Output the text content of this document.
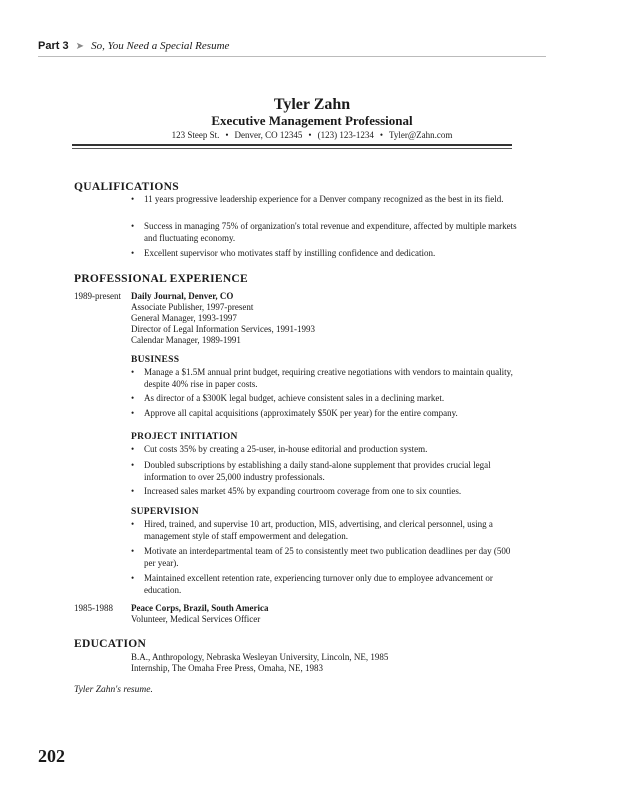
Part 3 ➤ So, You Need a Special Resume
Tyler Zahn
Executive Management Professional
123 Steep St. • Denver, CO 12345 • (123) 123-1234 • Tyler@Zahn.com
QUALIFICATIONS
• 11 years progressive leadership experience for a Denver company recognized as the best in its field.
• Success in managing 75% of organization's total revenue and expenditure, affected by multiple markets and fluctuating economy.
• Excellent supervisor who motivates staff by instilling confidence and dedication.
PROFESSIONAL EXPERIENCE
1989-present Daily Journal, Denver, CO
Associate Publisher, 1997-present
General Manager, 1993-1997
Director of Legal Information Services, 1991-1993
Calendar Manager, 1989-1991
BUSINESS
• Manage a $1.5M annual print budget, requiring creative negotiations with vendors to maintain quality, despite 40% rise in paper costs.
• As director of a $300K legal budget, achieve consistent sales in a declining market.
• Approve all capital acquisitions (approximately $50K per year) for the entire company.
PROJECT INITIATION
• Cut costs 35% by creating a 25-user, in-house editorial and production system.
• Doubled subscriptions by establishing a daily stand-alone supplement that provides crucial legal information to over 25,000 industry professionals.
• Increased sales market 45% by expanding courtroom coverage from one to six counties.
SUPERVISION
• Hired, trained, and supervise 10 art, production, MIS, advertising, and clerical personnel, using a management style of staff empowerment and delegation.
• Motivate an interdepartmental team of 25 to consistently meet two publication deadlines per day (500 per year).
• Maintained excellent retention rate, experiencing turnover only due to employee advancement or education.
1985-1988 Peace Corps, Brazil, South America
Volunteer, Medical Services Officer
EDUCATION
B.A., Anthropology, Nebraska Wesleyan University, Lincoln, NE, 1985
Internship, The Omaha Free Press, Omaha, NE, 1983
Tyler Zahn's resume.
202
